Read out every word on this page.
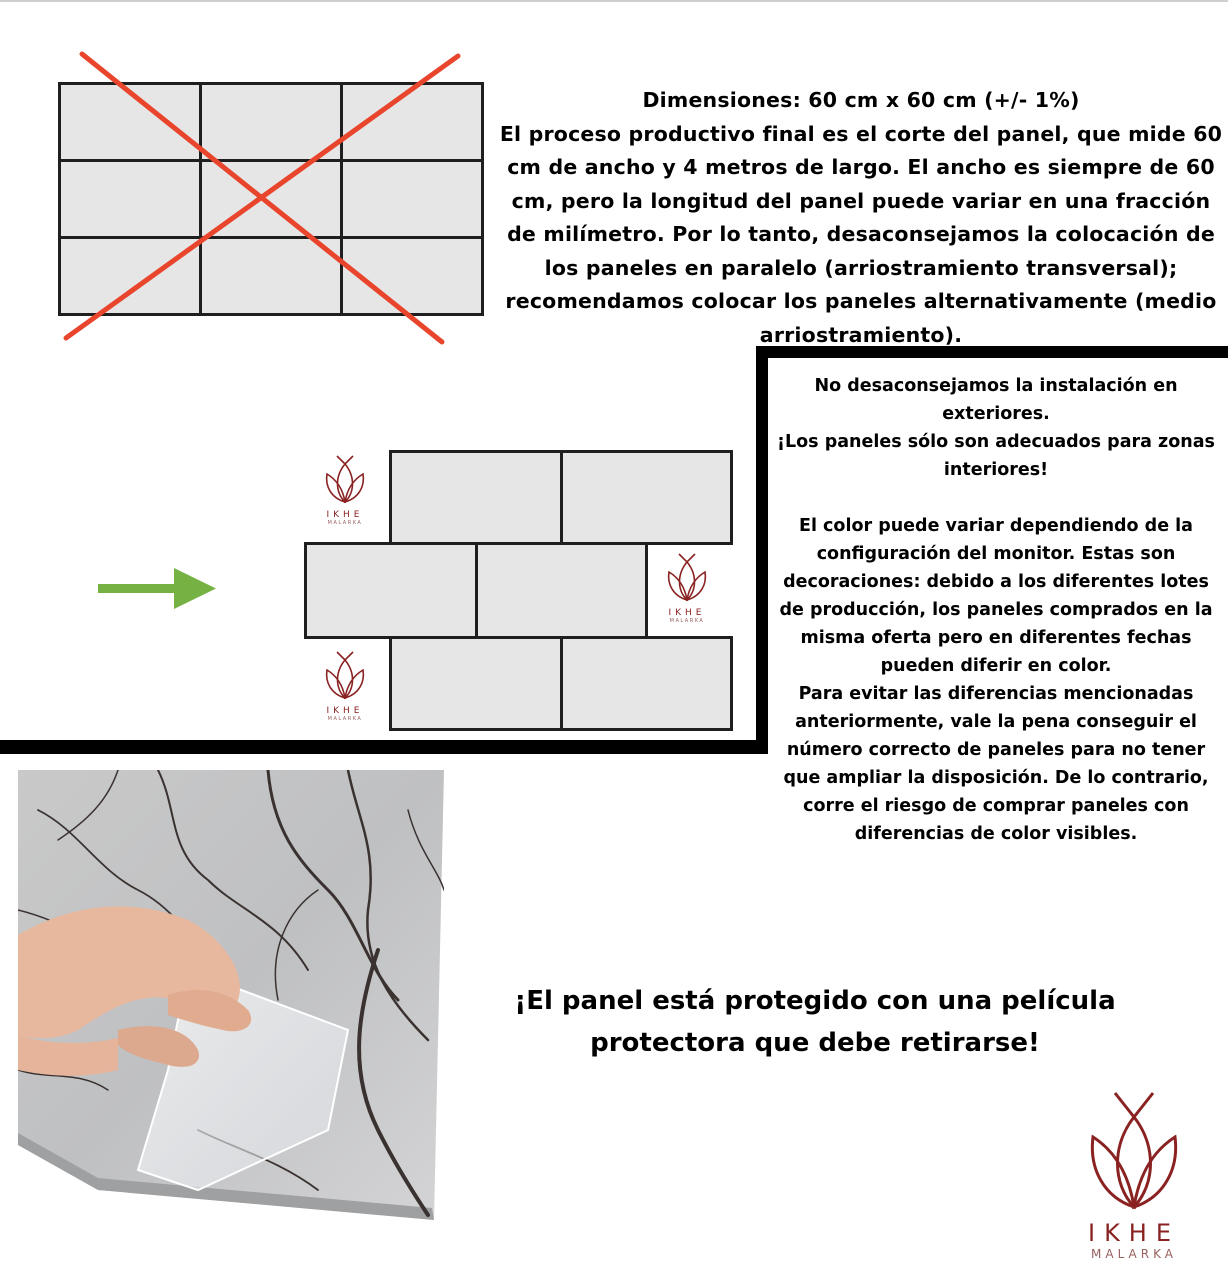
Dimensiones: 60 cm x 60 cm (+/- 1%)
El proceso productivo final es el corte del panel, que mide 60 cm de ancho y 4 metros de largo. El ancho es siempre de 60 cm, pero la longitud del panel puede variar en una fracción de milímetro. Por lo tanto, desaconsejamos la colocación de los paneles en paralelo (arriostramiento transversal); recomendamos colocar los paneles alternativamente (medio arriostramiento).

No desaconsejamos la instalación en exteriores.

¡Los paneles sólo son adecuados para zonas interiores!

El color puede variar dependiendo de la configuración del monitor. Estas son decoraciones: debido a los diferentes lotes de producción, los paneles comprados en la misma oferta pero en diferentes fechas pueden diferir en color.

Para evitar las diferencias mencionadas anteriormente, vale la pena conseguir el número correcto de paneles para no tener que ampliar la disposición. De lo contrario, corre el riesgo de comprar paneles con diferencias de color visibles.

IKHE
MALARKA
IKHE
MALARKA
IKHE
MALARKA
¡El panel está protegido con una película protectora que debe retirarse!
IKHE
MALARKA
